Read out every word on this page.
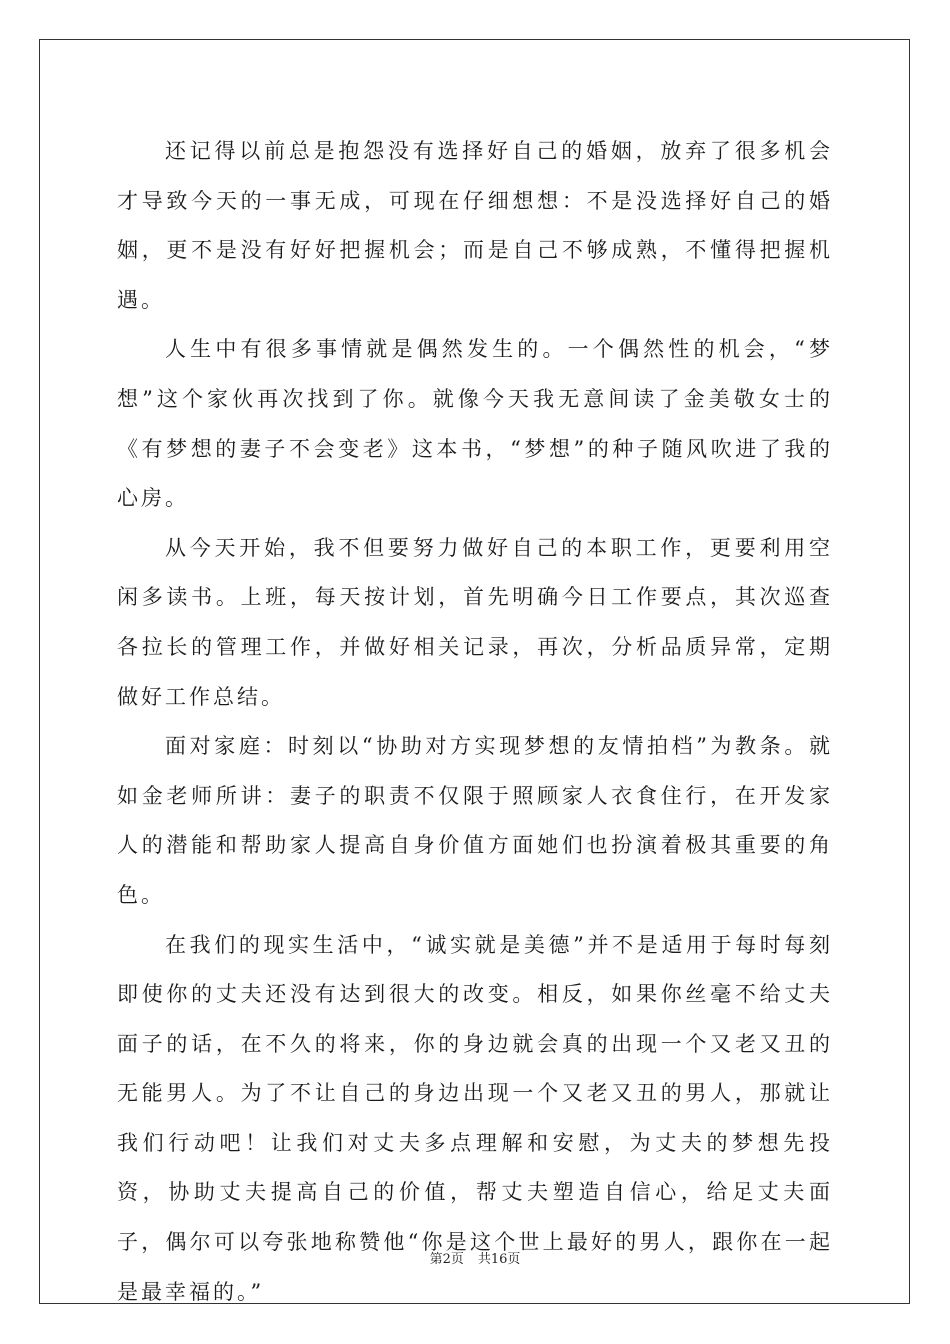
还记得以前总是抱怨没有选择好自己的婚姻，放弃了很多机会才导致今天的一事无成，可现在仔细想想：不是没选择好自己的婚姻，更不是没有好好把握机会；而是自己不够成熟，不懂得把握机遇。

人生中有很多事情就是偶然发生的。一个偶然性的机会，“梦想”这个家伙再次找到了你。就像今天我无意间读了金美敬女士的《有梦想的妻子不会变老》这本书，“梦想”的种子随风吹进了我的心房。

从今天开始，我不但要努力做好自己的本职工作，更要利用空闲多读书。上班，每天按计划，首先明确今日工作要点，其次巡查各拉长的管理工作，并做好相关记录，再次，分析品质异常，定期做好工作总结。

面对家庭：时刻以“协助对方实现梦想的友情拍档”为教条。就如金老师所讲：妻子的职责不仅限于照顾家人衣食住行，在开发家人的潜能和帮助家人提高自身价值方面她们也扮演着极其重要的角色。

在我们的现实生活中，“诚实就是美德”并不是适用于每时每刻即使你的丈夫还没有达到很大的改变。相反，如果你丝毫不给丈夫面子的话，在不久的将来，你的身边就会真的出现一个又老又丑的无能男人。为了不让自己的身边出现一个又老又丑的男人，那就让我们行动吧！让我们对丈夫多点理解和安慰，为丈夫的梦想先投资，协助丈夫提高自己的价值，帮丈夫塑造自信心，给足丈夫面子，偶尔可以夸张地称赞他“你是这个世上最好的男人，跟你在一起是最幸福的。”

第2页 共16页
